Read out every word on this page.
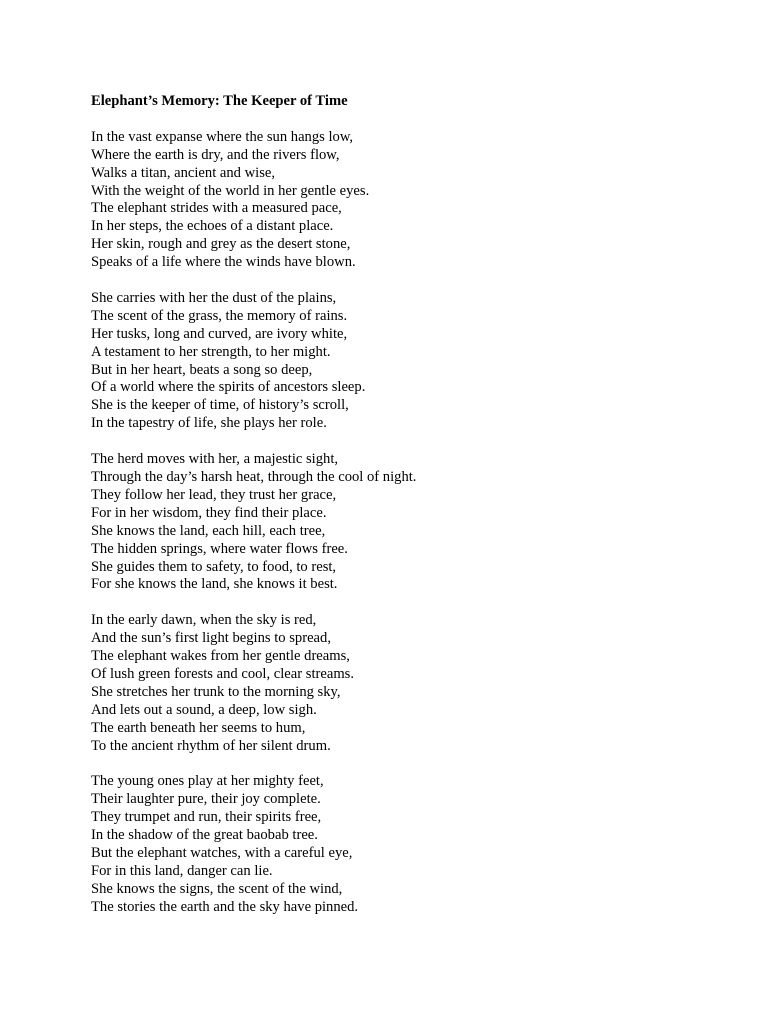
Elephant’s Memory: The Keeper of Time
In the vast expanse where the sun hangs low,
Where the earth is dry, and the rivers flow,
Walks a titan, ancient and wise,
With the weight of the world in her gentle eyes.
The elephant strides with a measured pace,
In her steps, the echoes of a distant place.
Her skin, rough and grey as the desert stone,
Speaks of a life where the winds have blown.
She carries with her the dust of the plains,
The scent of the grass, the memory of rains.
Her tusks, long and curved, are ivory white,
A testament to her strength, to her might.
But in her heart, beats a song so deep,
Of a world where the spirits of ancestors sleep.
She is the keeper of time, of history’s scroll,
In the tapestry of life, she plays her role.
The herd moves with her, a majestic sight,
Through the day’s harsh heat, through the cool of night.
They follow her lead, they trust her grace,
For in her wisdom, they find their place.
She knows the land, each hill, each tree,
The hidden springs, where water flows free.
She guides them to safety, to food, to rest,
For she knows the land, she knows it best.
In the early dawn, when the sky is red,
And the sun’s first light begins to spread,
The elephant wakes from her gentle dreams,
Of lush green forests and cool, clear streams.
She stretches her trunk to the morning sky,
And lets out a sound, a deep, low sigh.
The earth beneath her seems to hum,
To the ancient rhythm of her silent drum.
The young ones play at her mighty feet,
Their laughter pure, their joy complete.
They trumpet and run, their spirits free,
In the shadow of the great baobab tree.
But the elephant watches, with a careful eye,
For in this land, danger can lie.
She knows the signs, the scent of the wind,
The stories the earth and the sky have pinned.
